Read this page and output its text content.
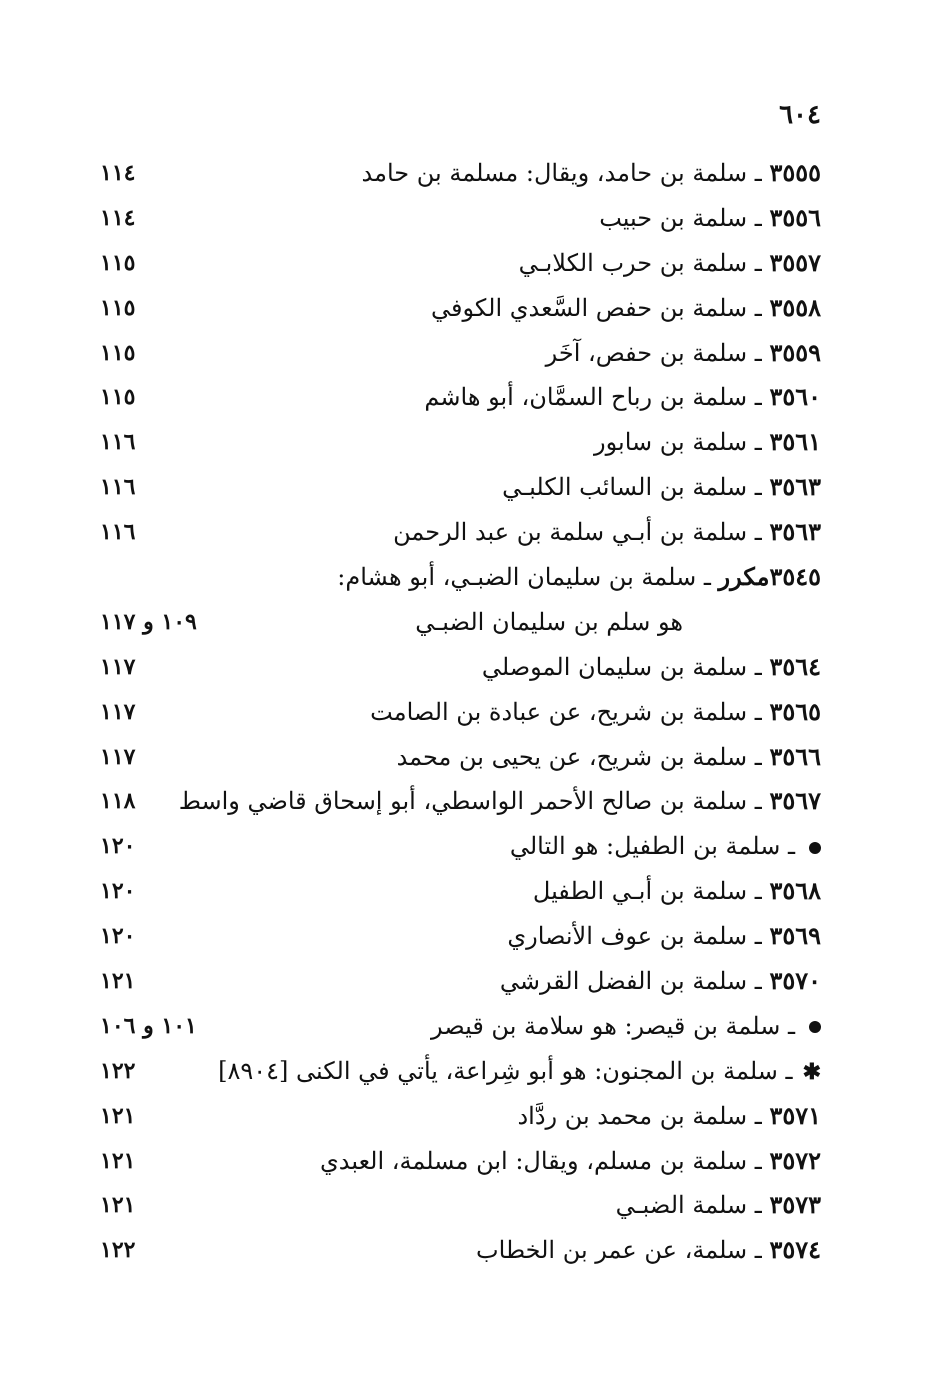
٦٠٤
٣٥٥٥ ـ سلمة بن حامد، ويقال: مسلمة بن حامد
١١٤
٣٥٥٦ ـ سلمة بن حبيب
١١٤
٣٥٥٧ ـ سلمة بن حرب الكلابـي
١١٥
٣٥٥٨ ـ سلمة بن حفص السَّعدي الكوفي
١١٥
٣٥٥٩ ـ سلمة بن حفص، آخَر
١١٥
٣٥٦٠ ـ سلمة بن رباح السمَّان، أبو هاشم
١١٥
٣٥٦١ ـ سلمة بن سابور
١١٦
٣٥٦٣ ـ سلمة بن السائب الكلبـي
١١٦
٣٥٦٣ ـ سلمة بن أبـي سلمة بن عبد الرحمن
١١٦
٣٥٤٥مكرر ـ سلمة بن سليمان الضبـي، أبو هشام:
هو سلم بن سليمان الضبـي
١٠٩ و ١١٧
٣٥٦٤ ـ سلمة بن سليمان الموصلي
١١٧
٣٥٦٥ ـ سلمة بن شريح، عن عبادة بن الصامت
١١٧
٣٥٦٦ ـ سلمة بن شريح، عن يحيى بن محمد
١١٧
٣٥٦٧ ـ سلمة بن صالح الأحمر الواسطي، أبو إسحاق قاضي واسط
١١٨
ـ سلمة بن الطفيل: هو التالي
١٢٠
٣٥٦٨ ـ سلمة بن أبـي الطفيل
١٢٠
٣٥٦٩ ـ سلمة بن عوف الأنصاري
١٢٠
٣٥٧٠ ـ سلمة بن الفضل القرشي
١٢١
ـ سلمة بن قيصر: هو سلامة بن قيصر
١٠١ و ١٠٦
✱ـ سلمة بن المجنون: هو أبو شِراعة، يأتي في الكنى [٨٩٠٤]
١٢٢
٣٥٧١ ـ سلمة بن محمد بن ردَّاد
١٢١
٣٥٧٢ ـ سلمة بن مسلم، ويقال: ابن مسلمة، العبدي
١٢١
٣٥٧٣ ـ سلمة الضبـي
١٢١
٣٥٧٤ ـ سلمة، عن عمر بن الخطاب
١٢٢
